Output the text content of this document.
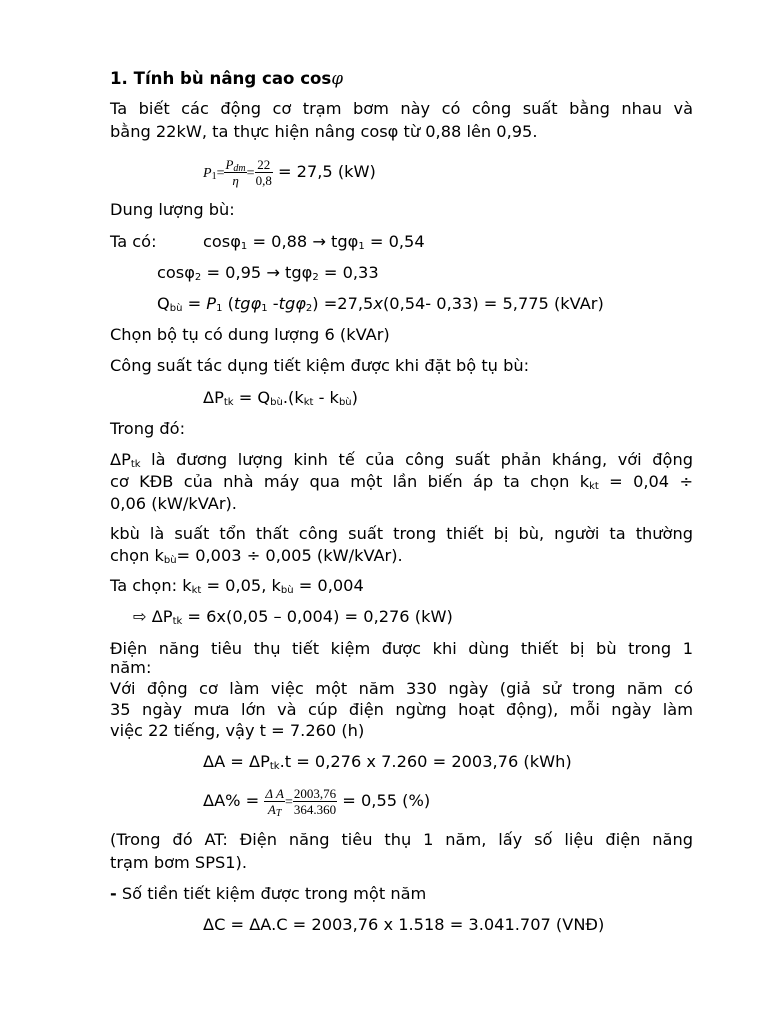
1. Tính bù nâng cao cosφ
Ta biết các động cơ trạm bơm này có công suất bằng nhau và
bằng 22kW, ta thực hiện nâng cosφ từ 0,88 lên 0,95.
$P_1= \frac{P_{dm}}{\eta} = \frac{22}{0,8} = 27,5$ (kW)
Dung lượng bù:
Ta có:	cosφ$_1$ = 0,88 → tgφ$_1$ = 0,54
cosφ$_2$ = 0,95 → tgφ$_2$ = 0,33
$Q_{bù} = P_1$ (tgφ$_1$ -tgφ$_2$) =27,5x(0,54- 0,33) = 5,775 (kVAr)
Chọn bộ tụ có dung lượng 6 (kVAr)
Công suất tác dụng tiết kiệm được khi đặt bộ tụ bù:
$\Delta P_{tk} = Q_{bù}.(k_{kt} - k_{bù})$
Trong đó:
$\Delta P_{tk}$ là đương lượng kinh tế của công suất phản kháng, với động
cơ KĐB của nhà máy qua một lần biến áp ta chọn $k_{kt} = 0,04$ ÷
0,06 (kW/kVAr).
kbù là suất tổn thất công suất trong thiết bị bù, người ta thường
chọn $k_{bù}= 0,003 \div 0,005$ (kW/kVAr).
Ta chọn: $k_{kt} = 0,05$, $k_{bù} = 0,004$
⇨ $\Delta P_{tk} = 6x(0,05 - 0,004) = 0,276$ (kW)
Điện năng tiêu thụ tiết kiệm được khi dùng thiết bị bù trong 1
năm:
Với động cơ làm việc một năm 330 ngày (giả sử trong năm có
35 ngày mưa lớn và cúp điện ngừng hoạt động), mỗi ngày làm
việc 22 tiếng, vậy t = 7.260 (h)
$\Delta A = \Delta P_{tk}.t = 0,276$ x 7.260 = 2003,76 (kWh)
$\Delta A\% = \frac{\text{Δ A}}{A_T} = \frac{2003,76}{364.360} = 0,55$ (%)
(Trong đó AT: Điện năng tiêu thụ 1 năm, lấy số liệu điện năng
trạm bơm SPS1).
- Số tiền tiết kiệm được trong một năm
ΔC = ΔA.C = 2003,76 x 1.518 = 3.041.707 (VNĐ)
